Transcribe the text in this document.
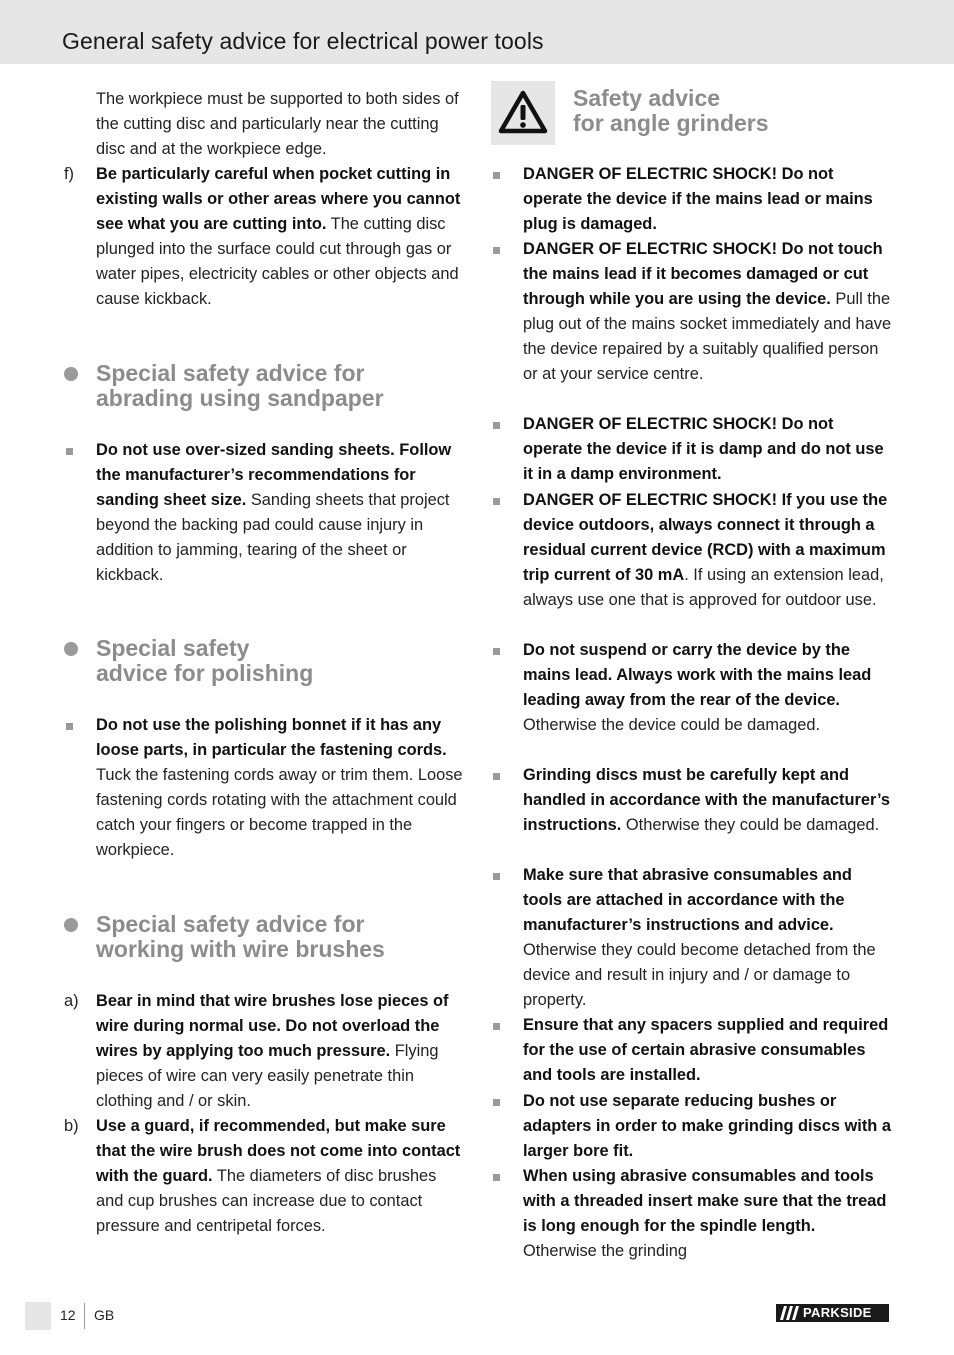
General safety advice for electrical power tools
The workpiece must be supported to both sides of the cutting disc and particularly near the cutting disc and at the workpiece edge.
f) Be particularly careful when pocket cutting in existing walls or other areas where you cannot see what you are cutting into. The cutting disc plunged into the surface could cut through gas or water pipes, electricity cables or other objects and cause kickback.
Special safety advice for
abrading using sandpaper
Do not use over-sized sanding sheets. Follow the manufacturer’s recommendations for sanding sheet size. Sanding sheets that project beyond the backing pad could cause injury in addition to jamming, tearing of the sheet or kickback.
Special safety
advice for polishing
Do not use the polishing bonnet if it has any loose parts, in particular the fastening cords. Tuck the fastening cords away or trim them. Loose fastening cords rotating with the attachment could catch your fingers or become trapped in the workpiece.
Special safety advice for
working with wire brushes
a) Bear in mind that wire brushes lose pieces of wire during normal use. Do not overload the wires by applying too much pressure. Flying pieces of wire can very easily penetrate thin clothing and / or skin.
b) Use a guard, if recommended, but make sure that the wire brush does not come into contact with the guard. The diameters of disc brushes and cup brushes can increase due to contact pressure and centripetal forces.
Safety advice
for angle grinders
DANGER OF ELECTRIC SHOCK! Do not operate the device if the mains lead or mains plug is damaged.
DANGER OF ELECTRIC SHOCK! Do not touch the mains lead if it becomes damaged or cut through while you are using the device. Pull the plug out of the mains socket immediately and have the device repaired by a suitably qualified person or at your service centre.
DANGER OF ELECTRIC SHOCK! Do not operate the device if it is damp and do not use it in a damp environment.
DANGER OF ELECTRIC SHOCK! If you use the device outdoors, always connect it through a residual current device (RCD) with a maximum trip current of 30 mA. If using an extension lead, always use one that is approved for outdoor use.
Do not suspend or carry the device by the mains lead. Always work with the mains lead leading away from the rear of the device. Otherwise the device could be damaged.
Grinding discs must be carefully kept and handled in accordance with the manufacturer’s instructions. Otherwise they could be damaged.
Make sure that abrasive consumables and tools are attached in accordance with the manufacturer’s instructions and advice. Otherwise they could become detached from the device and result in injury and / or damage to property.
Ensure that any spacers supplied and required for the use of certain abrasive consumables and tools are installed.
Do not use separate reducing bushes or adapters in order to make grinding discs with a larger bore fit.
When using abrasive consumables and tools with a threaded insert make sure that the tread is long enough for the spindle length. Otherwise the grinding
12 GB	PARKSIDE
